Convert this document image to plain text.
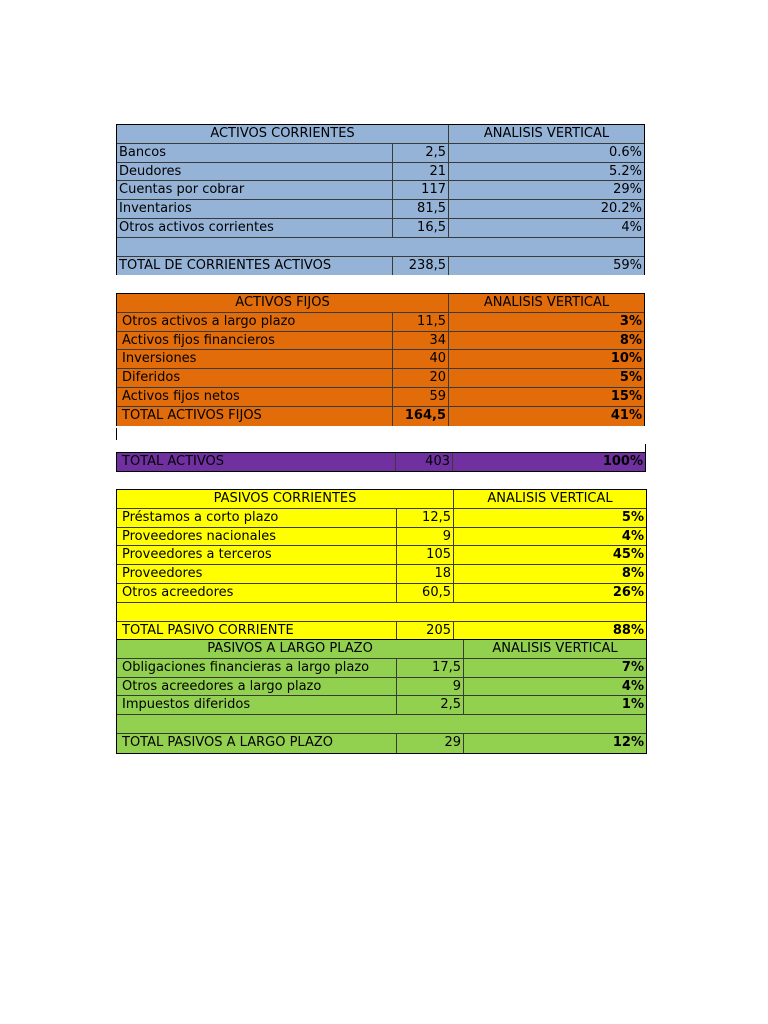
ACTIVOS CORRIENTES	ANALISIS VERTICAL
Bancos	2,5	0.6%
Deudores	21	5.2%
Cuentas por cobrar	117	29%
Inventarios	81,5	20.2%
Otros activos corrientes	16,5	4%
TOTAL DE CORRIENTES ACTIVOS	238,5	59%
ACTIVOS FIJOS	ANALISIS VERTICAL
Otros activos a largo plazo	11,5	3%
Activos fijos financieros	34	8%
Inversiones	40	10%
Diferidos	20	5%
Activos fijos netos	59	15%
TOTAL ACTIVOS FIJOS	164,5	41%
TOTAL ACTIVOS	403	100%
PASIVOS CORRIENTES	ANALISIS VERTICAL
Préstamos a corto plazo	12,5	5%
Proveedores nacionales	9	4%
Proveedores a terceros	105	45%
Proveedores	18	8%
Otros acreedores	60,5	26%
TOTAL PASIVO CORRIENTE	205	88%
PASIVOS A LARGO PLAZO	ANALISIS VERTICAL
Obligaciones financieras a largo plazo	17,5	7%
Otros acreedores a largo plazo	9	4%
Impuestos diferidos	2,5	1%
TOTAL PASIVOS A LARGO PLAZO	29	12%
